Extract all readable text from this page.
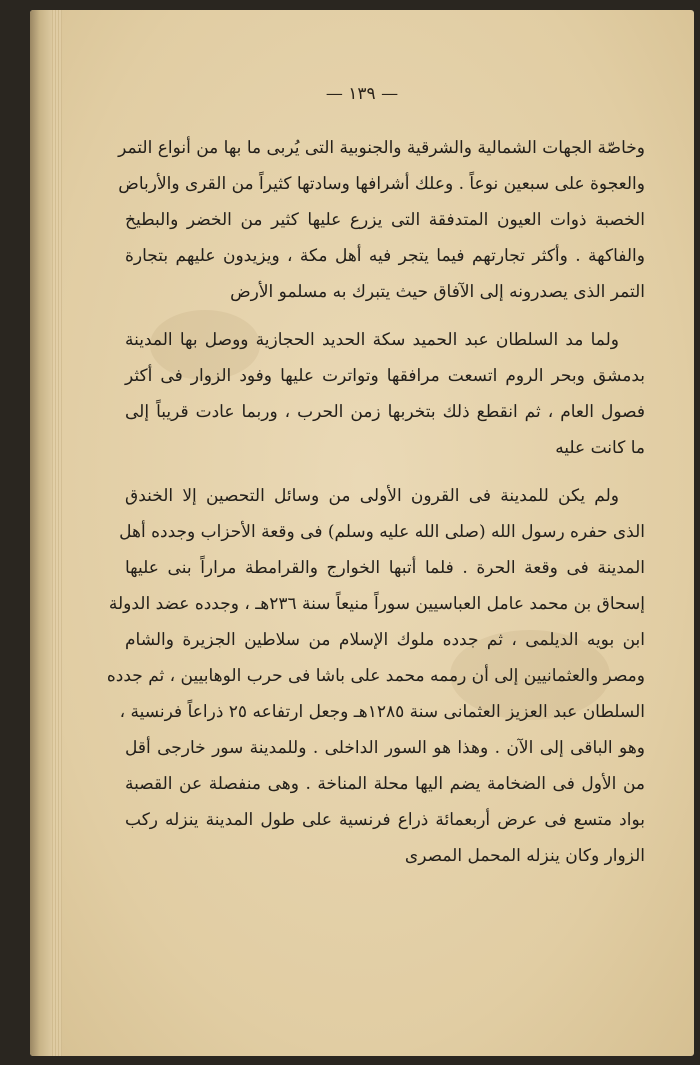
— ١٣٩ —
وخاصّة الجهات الشمالية والشرقية والجنوبية التى يُربى ما بها من أنواع التمر
والعجوة على سبعين نوعاً . وعلك أشرافها وسادتها كثيراً من القرى والأرباض
الخصبة ذوات العيون المتدفقة التى يزرع عليها كثير من الخضر والبطيخ
والفاكهة . وأكثر تجارتهم فيما يتجر فيه أهل مكة ، ويزيدون عليهم بتجارة
التمر الذى يصدرونه إلى الآفاق حيث يتبرك به مسلمو الأرض
ولما مد السلطان عبد الحميد سكة الحديد الحجازية ووصل بها المدينة
بدمشق وبحر الروم اتسعت مرافقها وتواترت عليها وفود الزوار فى أكثر
فصول العام ، ثم انقطع ذلك بتخربها زمن الحرب ، وربما عادت قريباً إلى
ما كانت عليه
ولم يكن للمدينة فى القرون الأولى من وسائل التحصين إلا الخندق
الذى حفره رسول الله (صلى الله عليه وسلم) فى وقعة الأحزاب وجدده أهل
المدينة فى وقعة الحرة . فلما أتبها الخوارج والقرامطة مراراً بنى عليها
إسحاق بن محمد عامل العباسيين سوراً منيعاً سنة ٢٣٦هـ ، وجدده عضد الدولة
ابن بويه الديلمى ، ثم جدده ملوك الإسلام من سلاطين الجزيرة والشام
ومصر والعثمانيين إلى أن رممه محمد على باشا فى حرب الوهابيين ، ثم جدده
السلطان عبد العزيز العثمانى سنة ١٢٨٥هـ وجعل ارتفاعه ٢٥ ذراعاً فرنسية ،
وهو الباقى إلى الآن . وهذا هو السور الداخلى . وللمدينة سور خارجى أقل
من الأول فى الضخامة يضم اليها محلة المناخة . وهى منفصلة عن القصبة
بواد متسع فى عرض أربعمائة ذراع فرنسية على طول المدينة ينزله ركب
الزوار وكان ينزله المحمل المصرى
